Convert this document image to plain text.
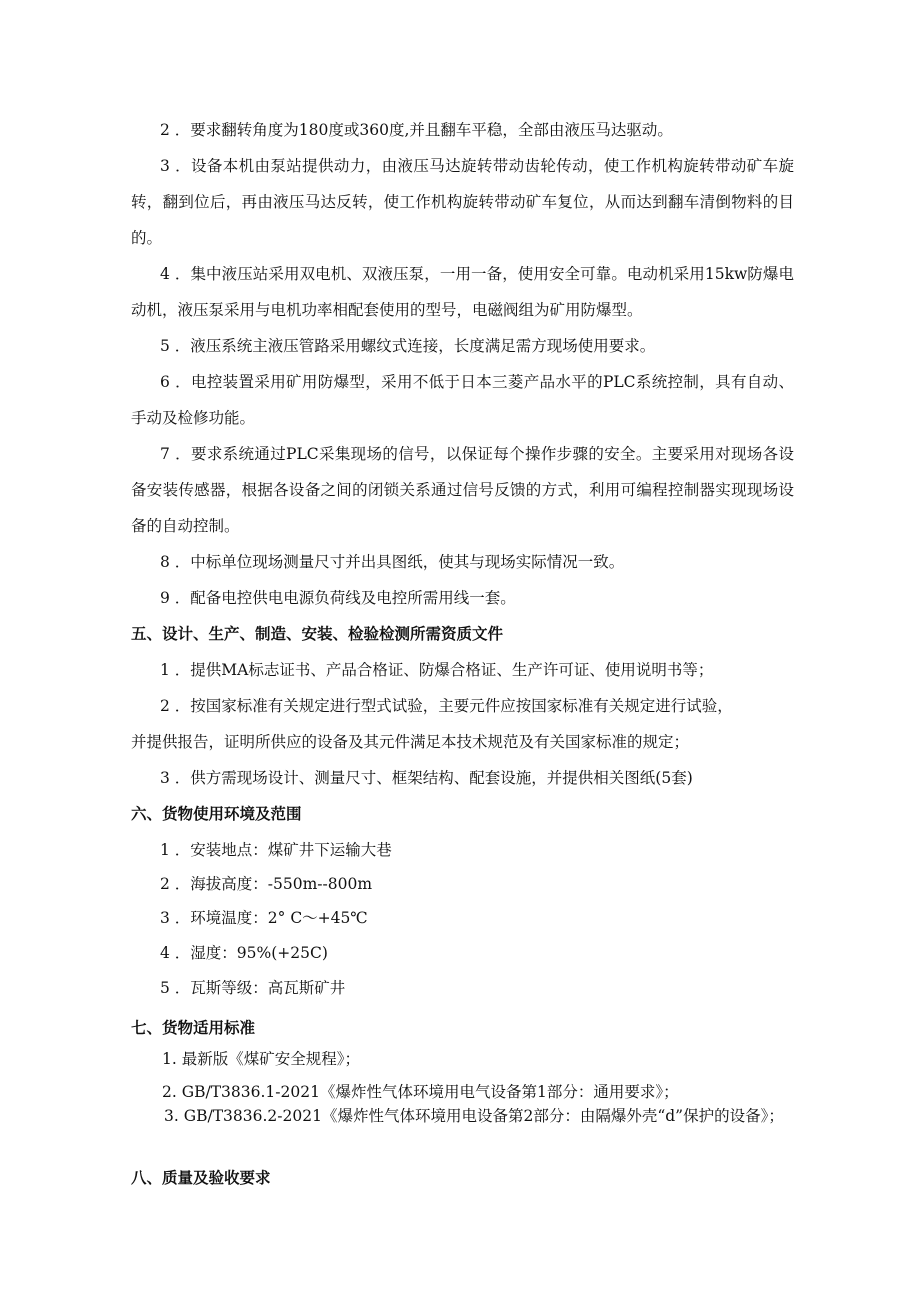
2 ．要求翻转角度为180度或360度,并且翻车平稳，全部由液压马达驱动。

3 ．设备本机由泵站提供动力，由液压马达旋转带动齿轮传动，使工作机构旋转带动矿车旋转，翻到位后，再由液压马达反转，使工作机构旋转带动矿车复位，从而达到翻车清倒物料的目的。

4 ．集中液压站采用双电机、双液压泵，一用一备，使用安全可靠。电动机采用15kw防爆电动机，液压泵采用与电机功率相配套使用的型号，电磁阀组为矿用防爆型。

5 ．液压系统主液压管路采用螺纹式连接，长度满足需方现场使用要求。

6 ．电控装置采用矿用防爆型，采用不低于日本三菱产品水平的PLC系统控制，具有自动、手动及检修功能。

7 ．要求系统通过PLC采集现场的信号，以保证每个操作步骤的安全。主要采用对现场各设备安装传感器，根据各设备之间的闭锁关系通过信号反馈的方式，利用可编程控制器实现现场设备的自动控制。

8 ．中标单位现场测量尺寸并出具图纸，使其与现场实际情况一致。

9 ．配备电控供电电源负荷线及电控所需用线一套。

五、设计、生产、制造、安装、检验检测所需资质文件

1 ．提供MA标志证书、产品合格证、防爆合格证、生产许可证、使用说明书等；

2 ．按国家标准有关规定进行型式试验，主要元件应按国家标准有关规定进行试验，

并提供报告，证明所供应的设备及其元件满足本技术规范及有关国家标准的规定；

3 ．供方需现场设计、测量尺寸、框架结构、配套设施，并提供相关图纸(5套)

六、货物使用环境及范围

1 ．安装地点：煤矿井下运输大巷

2 ．海拔高度：-550m--800m

3 ．环境温度：2° C～+45℃

4 ．湿度：95%(+25C)

5 ．瓦斯等级：高瓦斯矿井

七、货物适用标准

1. 最新版《煤矿安全规程》；

2. GB/T3836.1-2021《爆炸性气体环境用电气设备第1部分：通用要求》；

3. GB/T3836.2-2021《爆炸性气体环境用电设备第2部分：由隔爆外壳“d”保护的设备》；

八、质量及验收要求
